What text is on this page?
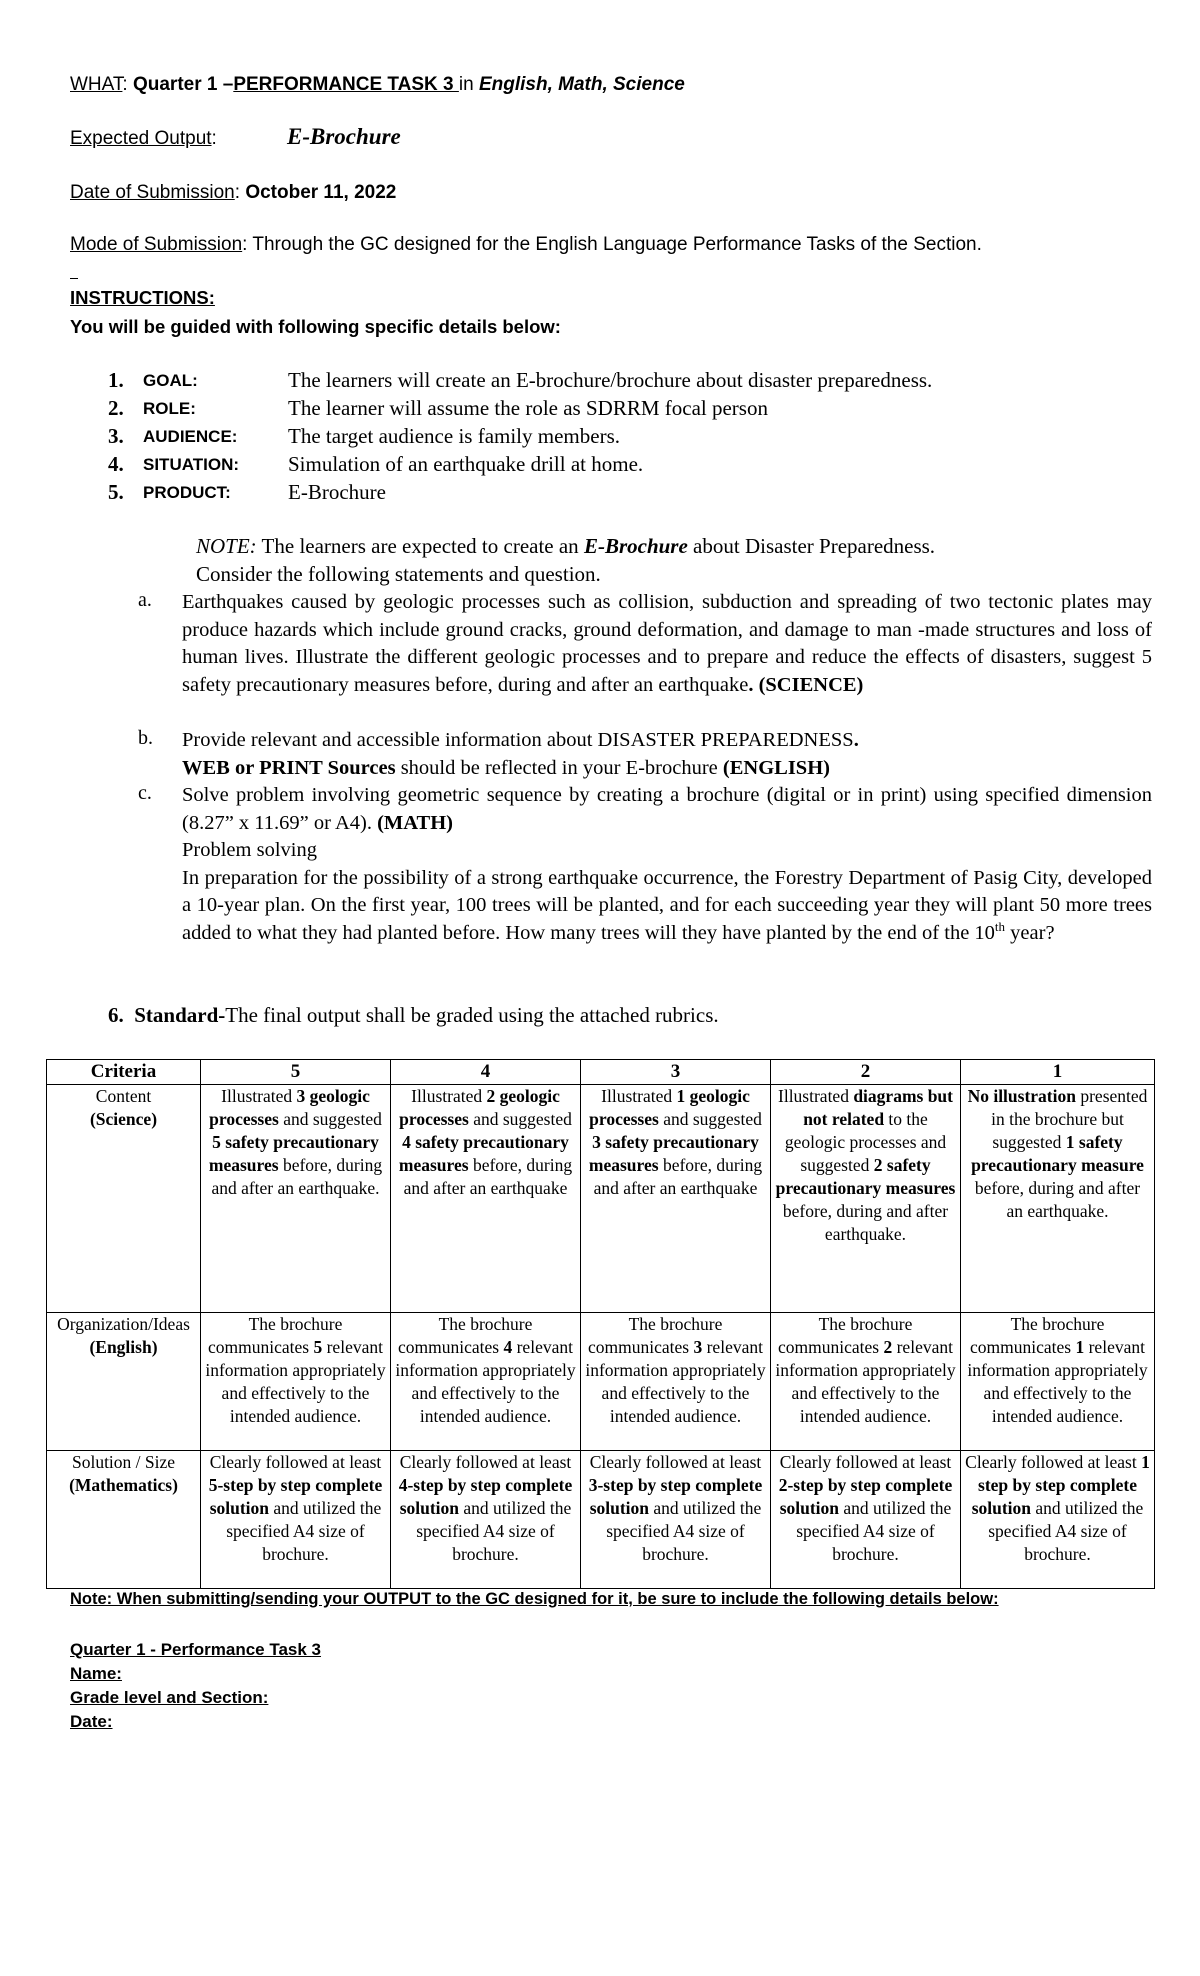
WHAT: Quarter 1 –PERFORMANCE TASK 3 in English, Math, Science
Expected Output:	E-Brochure
Date of Submission: October 11, 2022
Mode of Submission: Through the GC designed for the English Language Performance Tasks of the Section.
INSTRUCTIONS:
You will be guided with following specific details below:
1. GOAL:	The learners will create an E-brochure/brochure about disaster preparedness.
2. ROLE:	The learner will assume the role as SDRRM focal person
3. AUDIENCE: The target audience is family members.
4. SITUATION: Simulation of an earthquake drill at home.
5. PRODUCT:	E-Brochure
NOTE: The learners are expected to create an E-Brochure about Disaster Preparedness.
Consider the following statements and question.
a. Earthquakes caused by geologic processes such as collision, subduction and spreading of two tectonic plates may produce hazards which include ground cracks, ground deformation, and damage to man -made structures and loss of human lives. Illustrate the different geologic processes and to prepare and reduce the effects of disasters, suggest 5 safety precautionary measures before, during and after an earthquake. (SCIENCE)
b. Provide relevant and accessible information about DISASTER PREPAREDNESS.
WEB or PRINT Sources should be reflected in your E-brochure (ENGLISH)
c. Solve problem involving geometric sequence by creating a brochure (digital or in print) using specified dimension (8.27” x 11.69” or A4). (MATH)
Problem solving
In preparation for the possibility of a strong earthquake occurrence, the Forestry Department of Pasig City, developed a 10-year plan. On the first year, 100 trees will be planted, and for each succeeding year they will plant 50 more trees added to what they had planted before. How many trees will they have planted by the end of the 10th year?
6. Standard-The final output shall be graded using the attached rubrics.
Criteria	5	4	3	2	1
Content
(Science)	Illustrated 3 geologic processes and suggested 5 safety precautionary measures before, during and after an earthquake.	Illustrated 2 geologic processes and suggested 4 safety precautionary measures before, during and after an earthquake	Illustrated 1 geologic processes and suggested 3 safety precautionary measures before, during and after an earthquake	Illustrated diagrams but not related to the geologic processes and suggested 2 safety precautionary measures before, during and after earthquake.	No illustration presented in the brochure but suggested 1 safety precautionary measure before, during and after an earthquake.
Organization/Ideas
(English)	The brochure communicates 5 relevant information appropriately and effectively to the intended audience.	The brochure communicates 4 relevant information appropriately and effectively to the intended audience.	The brochure communicates 3 relevant information appropriately and effectively to the intended audience.	The brochure communicates 2 relevant information appropriately and effectively to the intended audience.	The brochure communicates 1 relevant information appropriately and effectively to the intended audience.
Solution / Size
(Mathematics)	Clearly followed at least 5-step by step complete solution and utilized the specified A4 size of brochure.	Clearly followed at least 4-step by step complete solution and utilized the specified A4 size of brochure.	Clearly followed at least 3-step by step complete solution and utilized the specified A4 size of brochure.	Clearly followed at least 2-step by step complete solution and utilized the specified A4 size of brochure.	Clearly followed at least 1 step by step complete solution and utilized the specified A4 size of brochure.
Note: When submitting/sending your OUTPUT to the GC designed for it, be sure to include the following details below:
Quarter 1 - Performance Task 3
Name:
Grade level and Section:
Date:
